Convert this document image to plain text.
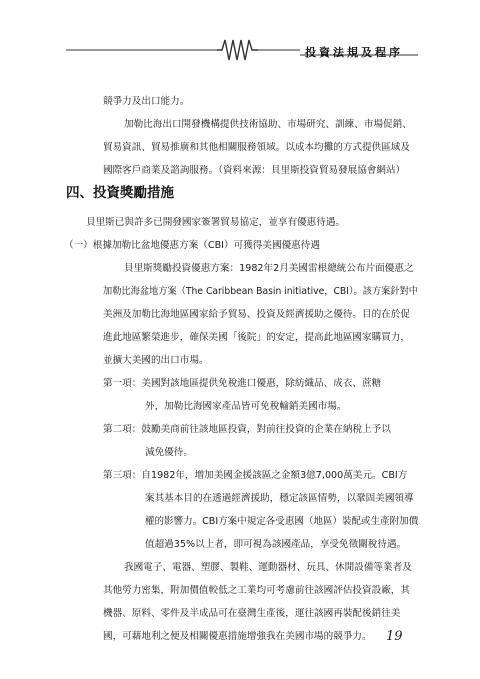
投資法規及程序
競爭力及出口能力。
加勒比海出口開發機構提供技術協助、市場研究、訓練、市場促銷、
貿易資訊、貿易推廣和其他相關服務領域。以成本均攤的方式提供區域及
國際客戶商業及諮詢服務。（資料來源：貝里斯投資貿易發展協會網站）
四、投資獎勵措施
貝里斯已與許多已開發國家簽署貿易協定，並享有優惠待遇。
（一）根據加勒比盆地優惠方案（CBI）可獲得美國優惠待遇
貝里斯獎勵投資優惠方案：1982年2月美國雷根總統公布片面優惠之
加勒比海盆地方案（The Caribbean Basin initiative，CBI）。該方案針對中
美洲及加勒比海地區國家給予貿易、投資及經濟援助之優待。目的在於促
進此地區繁榮進步，確保美國「後院」的安定，提高此地區國家購買力，
並擴大美國的出口市場。
第一項：美國對該地區提供免稅進口優惠，除紡織品、成衣、蔗糖
外，加勒比海國家產品皆可免稅輸銷美國市場。
第二項：鼓勵美商前往該地區投資，對前往投資的企業在納稅上予以
減免優待。
第三項：自1982年，增加美國金援該區之金額3億7,000萬美元。CBI方
案其基本目的在透過經濟援助，穩定該區情勢，以鞏固美國領導
權的影響力。CBI方案中規定各受惠國（地區）裝配或生產附加價
值超過35%以上者，即可視為該國產品，享受免徵關稅待遇。
我國電子、電器、塑膠、製鞋、運動器材、玩具、休閒設備等業者及
其他勞力密集，附加價值較低之工業均可考慮前往該國評估投資設廠，其
機器、原料、零件及半成品可在臺灣生產後，運往該國再裝配後銷往美
國，可藉地利之便及相關優惠措施增強我在美國市場的競爭力。 19
